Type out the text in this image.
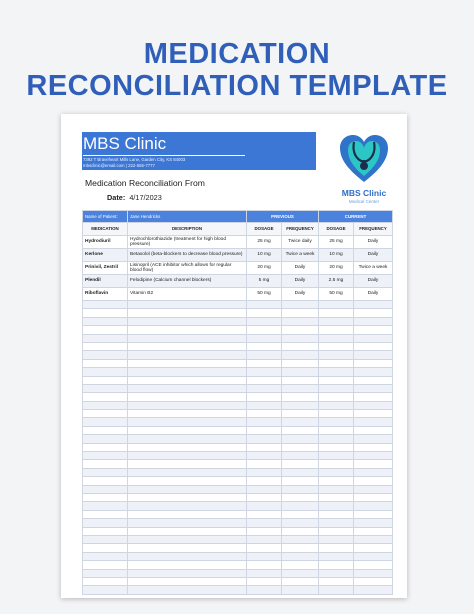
MEDICATION
RECONCILIATION TEMPLATE
MBS Clinic
7392 T Braveheart Mills Lane, Garden City, KS 84003
mbsclinic@email.com | 222-555-7777
MBS Clinic
Medical Center
Medication Reconciliation From
Date: 4/17/2023
Name of Patient:	Jane Hendricks	PREVIOUS		CURRENT	
MEDICATION	DESCRIPTION	DOSAGE	FREQUENCY	DOSAGE	FREQUENCY
Hydrodiuril	Hydrochlorothiazide (treatment for high blood pressure)	25 mg	Twice daily	25 mg	Daily
Kerlone	Betaxolol (beta-blockers to decrease blood pressure)	10 mg	Twice a week	10 mg	Daily
Prinivil, Zestril	Lisinopril (ACE inhibitor which allows for regular blood flow)	20 mg	Daily	20 mg	Twice a week
Plendil	Felodipine (Calcium channel blockers)	5 mg	Daily	2.5 mg	Daily
Riboflavin	Vitamin B2	50 mg	Daily	50 mg	Daily
